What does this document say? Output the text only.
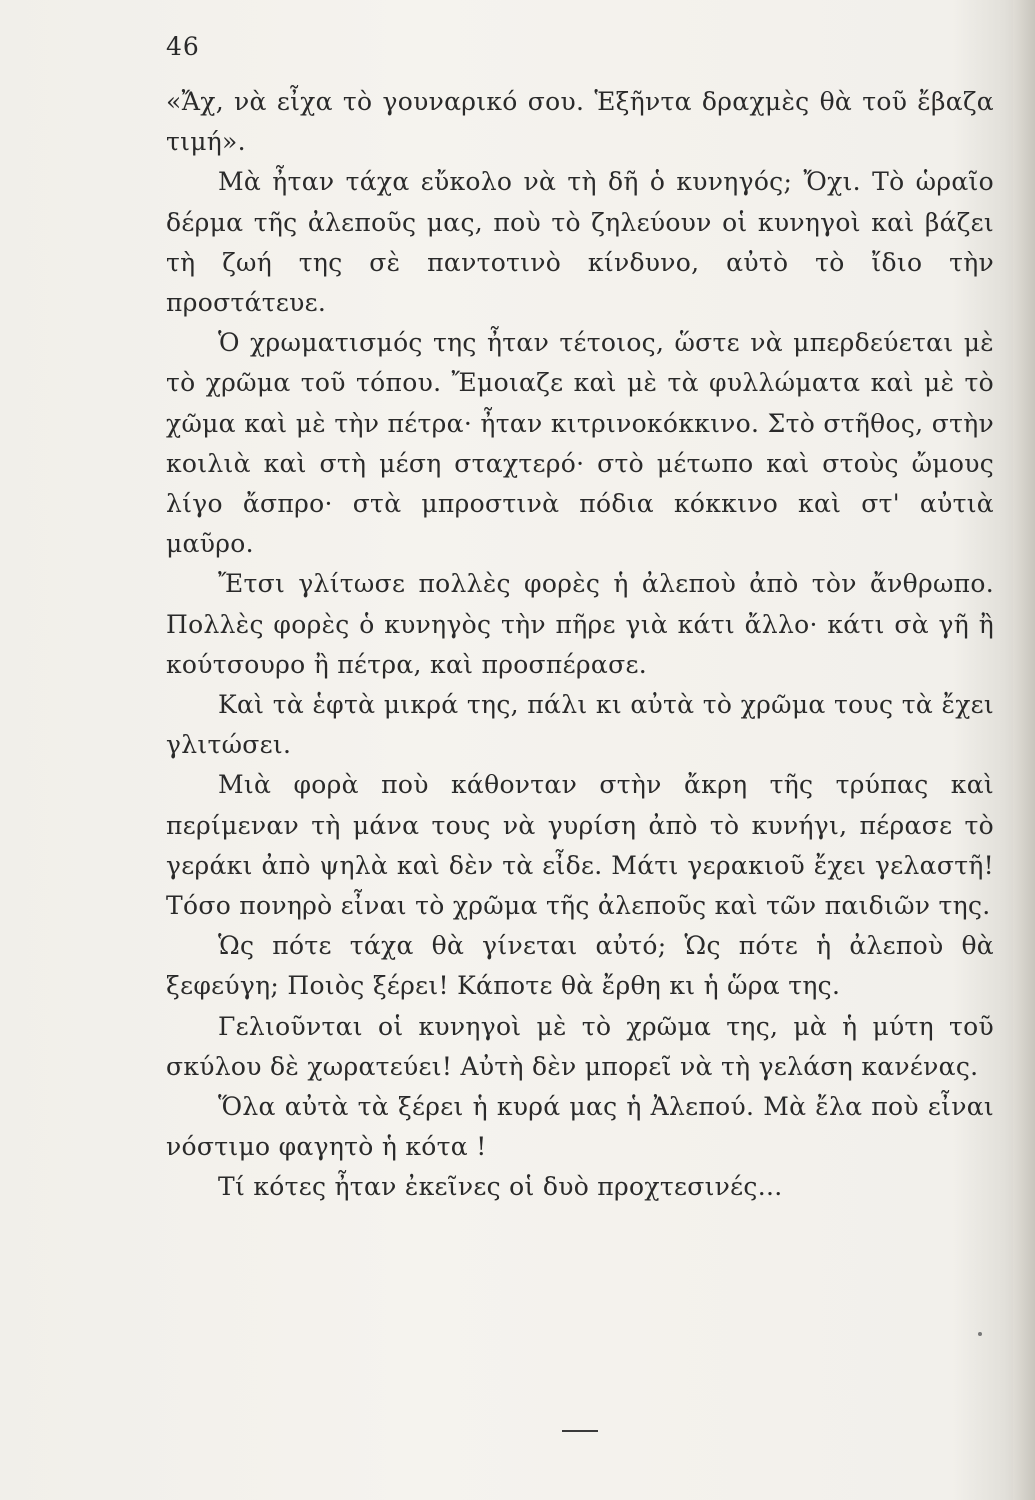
46

«Ἄχ, νὰ εἶχα τὸ γουναρικό σου. Ἑξῆντα δραχμὲς θὰ τοῦ ἔβαζα τιμή».

Μὰ ἦταν τάχα εὔκολο νὰ τὴ δῆ ὁ κυνηγός; Ὄχι. Τὸ ὡραῖο δέρμα τῆς ἀλεποῦς μας, ποὺ τὸ ζηλεύουν οἱ κυνηγοὶ καὶ βάζει τὴ ζωή της σὲ παντοτινὸ κίνδυνο, αὐτὸ τὸ ἴδιο τὴν προστάτευε.

Ὁ χρωματισμός της ἦταν τέτοιος, ὥστε νὰ μπερδεύεται μὲ τὸ χρῶμα τοῦ τόπου. Ἔμοιαζε καὶ μὲ τὰ φυλλώματα καὶ μὲ τὸ χῶμα καὶ μὲ τὴν πέτρα· ἦταν κιτρινοκόκκινο. Στὸ στῆθος, στὴν κοιλιὰ καὶ στὴ μέση σταχτερό· στὸ μέτωπο καὶ στοὺς ὤμους λίγο ἄσπρο· στὰ μπροστινὰ πόδια κόκκινο καὶ στ' αὐτιὰ μαῦρο.

Ἔτσι γλίτωσε πολλὲς φορὲς ἡ ἀλεποὺ ἀπὸ τὸν ἄνθρωπο. Πολλὲς φορὲς ὁ κυνηγὸς τὴν πῆρε γιὰ κάτι ἄλλο· κάτι σὰ γῆ ἢ κούτσουρο ἢ πέτρα, καὶ προσπέρασε.

Καὶ τὰ ἑφτὰ μικρά της, πάλι κι αὐτὰ τὸ χρῶμα τους τὰ ἔχει γλιτώσει.

Μιὰ φορὰ ποὺ κάθονταν στὴν ἄκρη τῆς τρύπας καὶ περίμεναν τὴ μάνα τους νὰ γυρίση ἀπὸ τὸ κυνήγι, πέρασε τὸ γεράκι ἀπὸ ψηλὰ καὶ δὲν τὰ εἶδε. Μάτι γερακιοῦ ἔχει γελαστῆ! Τόσο πονηρὸ εἶναι τὸ χρῶμα τῆς ἀλεποῦς καὶ τῶν παιδιῶν της.

Ὡς πότε τάχα θὰ γίνεται αὐτό; Ὡς πότε ἡ ἀλεποὺ θὰ ξεφεύγη; Ποιὸς ξέρει! Κάποτε θὰ ἔρθη κι ἡ ὥρα της.

Γελιοῦνται οἱ κυνηγοὶ μὲ τὸ χρῶμα της, μὰ ἡ μύτη τοῦ σκύλου δὲ χωρατεύει! Αὐτὴ δὲν μπορεῖ νὰ τὴ γελάση κανένας.

Ὅλα αὐτὰ τὰ ξέρει ἡ κυρά μας ἡ Ἀλεπού. Μὰ ἔλα ποὺ εἶναι νόστιμο φαγητὸ ἡ κότα !

Τί κότες ἦταν ἐκεῖνες οἱ δυὸ προχτεσινές...
